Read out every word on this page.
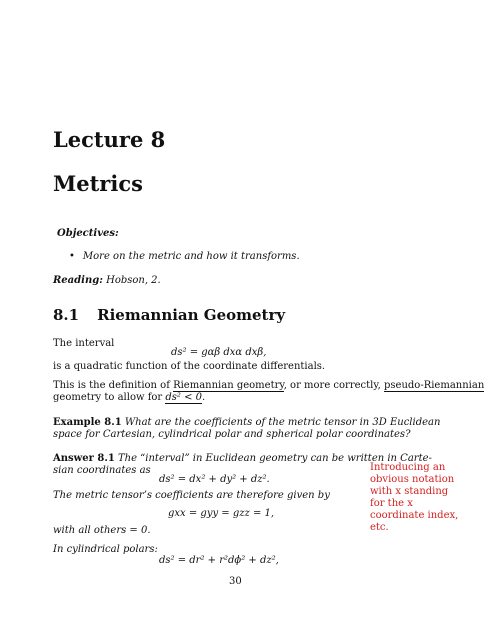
Lecture 8
Metrics
Objectives:
• More on the metric and how it transforms.
Reading: Hobson, 2.
8.1 Riemannian Geometry
The interval
ds² = gαβ dxα dxβ,
is a quadratic function of the coordinate differentials.
This is the definition of Riemannian geometry, or more correctly, pseudo-Riemannian
geometry to allow for ds² < 0.
Example 8.1 What are the coefficients of the metric tensor in 3D Euclidean
space for Cartesian, cylindrical polar and spherical polar coordinates?
Answer 8.1 The “interval” in Euclidean geometry can be written in Carte-
sian coordinates as
ds² = dx² + dy² + dz².
The metric tensor’s coefficients are therefore given by
gxx = gyy = gzz = 1,
with all others = 0.
In cylindrical polars:
ds² = dr² + r²dϕ² + dz²,
Introducing an obvious notation with x standing for the x coordinate index, etc.
30
